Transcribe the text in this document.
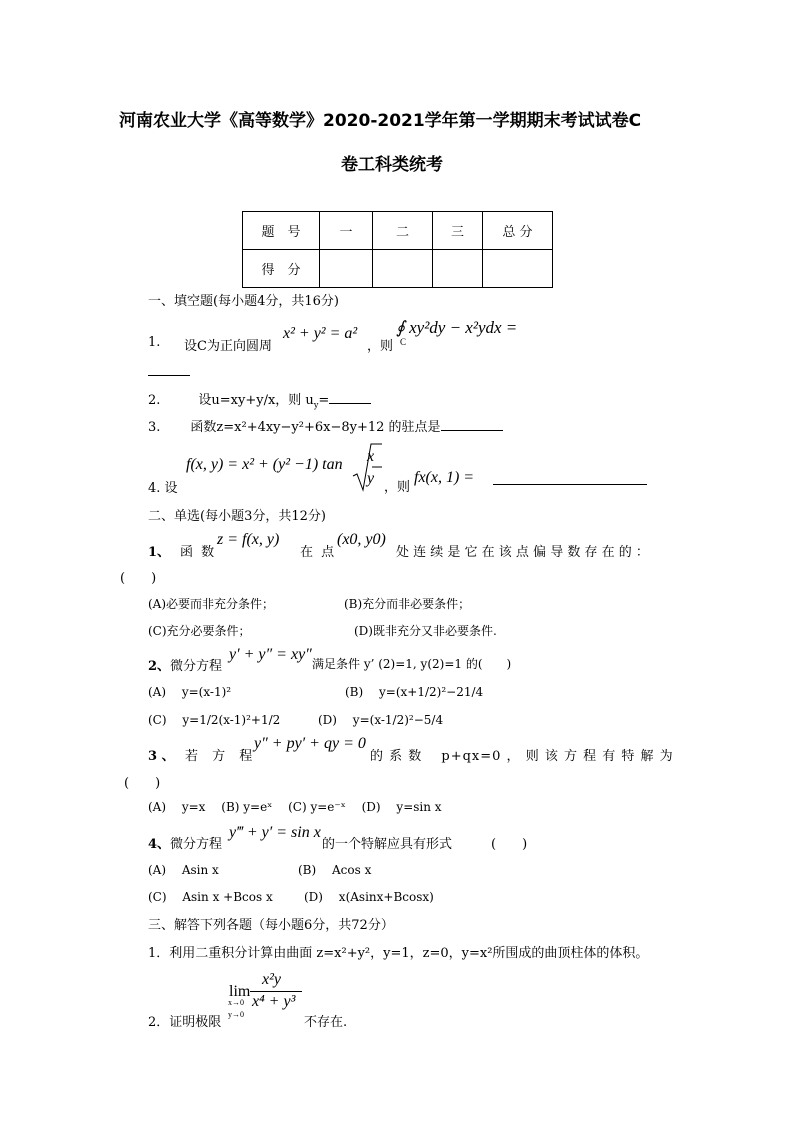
河南农业大学《高等数学》2020-2021学年第一学期期末考试试卷C
卷工科类统考
题　号	一	二	三	总 分
得　分				
一、填空题(每小题4分，共16分)
1. 设C为正向圆周
x² + y² = a²
，则
∮ xy²dy − x²ydx =
C
2.	设u=xy+y/x，则 $u_y=$
3. 函数z=x²+4xy−y²+6x−8y+12 的驻点是
4. 设
f(x, y) = x² + (y² −1) tan x
y
，则
fx(x, 1) =
二、单选(每小题3分，共12分)
1、 函 数
z = f(x, y)
在 点
(x0, y0)
处 连 续 是 它 在 该 点 偏 导 数 存 在 的 ：
(　　)
(A)必要而非充分条件；	(B)充分而非必要条件；
(C)充分必要条件；	(D)既非充分又非必要条件.
2、微分方程
y′ + y″ = xy″
满足条件 y’ (2)=1, y(2)=1 的(　　)
(A)　 y=(x-1)²	(B)　 y=(x+1/2)²−21/4
(C)　 y=1/2(x-1)²+1/2	(D)　 y=(x-1/2)²−5/4
3 、 若 方 程
y″ + py′ + qy = 0
的 系 数　 p+qx=0 ， 则 该 方 程 有 特 解 为
(　　)
(A)　 y=x　 (B) y=eˣ　 (C) y=e⁻ˣ　 (D)　 y=sin x
4、微分方程
y‴ + y′ = sin x
的一个特解应具有形式　　　(　　)
(A)　 Asin x	(B)　 Acos x
(C)　 Asin x +Bcos x	(D)　 x(Asinx+Bcosx)
三、解答下列各题（每小题6分，共72分）
1．利用二重积分计算由曲面 z=x²+y²，y=1，z=0，y=x²所围成的曲顶柱体的体积。
2．证明极限
lim
x→0
y→0
x²y
x⁴ + y³
不存在.
